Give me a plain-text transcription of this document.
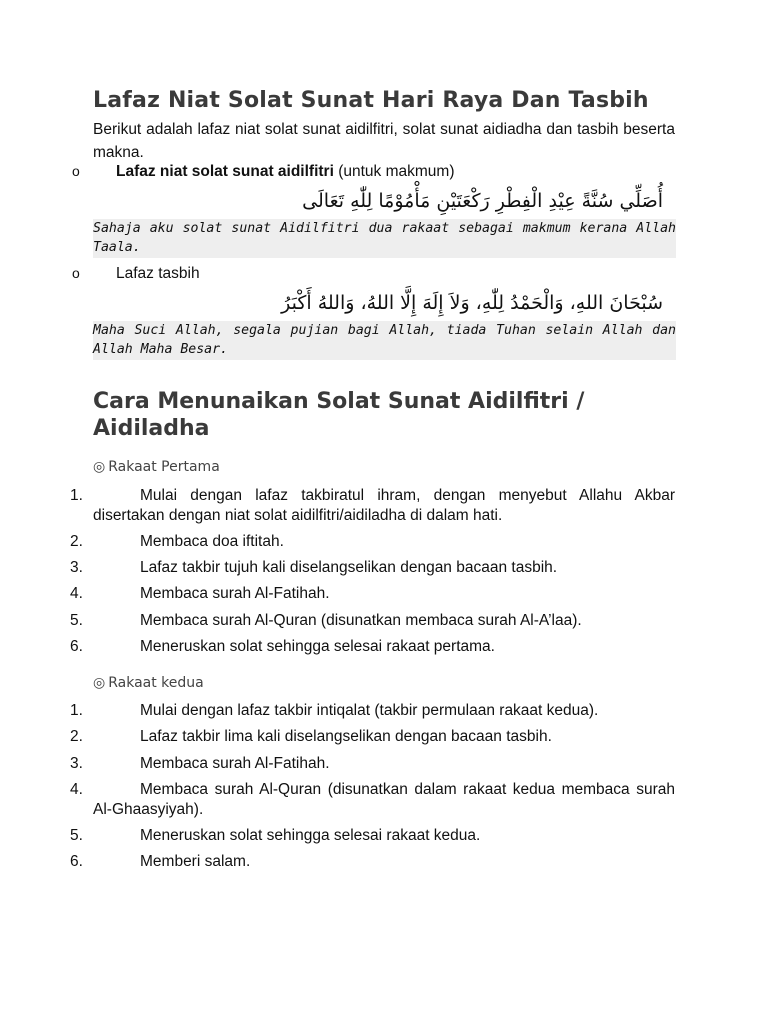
Lafaz Niat Solat Sunat Hari Raya Dan Tasbih

Berikut adalah lafaz niat solat sunat aidilfitri, solat sunat aidiadha dan tasbih beserta makna.

o Lafaz niat solat sunat aidilfitri (untuk makmum)
أُصَلِّي سُنَّةً عِيْدِ الْفِطْرِ رَكْعَتَيْنِ مَأْمُوْمًا لِلّٰهِ تَعَالَى

Sahaja aku solat sunat Aidilfitri dua rakaat sebagai makmum kerana Allah Taala.

o Lafaz tasbih
سُبْحَانَ اللهِ، وَالْحَمْدُ لِلّٰهِ، وَلاَ إِلَهَ إِلَّا اللهُ، وَاللهُ أَكْبَرُ

Maha Suci Allah, segala pujian bagi Allah, tiada Tuhan selain Allah dan Allah Maha Besar.

Cara Menunaikan Solat Sunat Aidilfitri / Aidiladha
◎ Rakaat Pertama
1.	Mulai dengan lafaz takbiratul ihram, dengan menyebut Allahu Akbar disertakan dengan niat solat aidilfitri/aidiladha di dalam hati.
2.	Membaca doa iftitah.
3.	Lafaz takbir tujuh kali diselangselikan dengan bacaan tasbih.
4.	Membaca surah Al-Fatihah.
5.	Membaca surah Al-Quran (disunatkan membaca surah Al-A’laa).
6.	Meneruskan solat sehingga selesai rakaat pertama.
◎ Rakaat kedua
1.	Mulai dengan lafaz takbir intiqalat (takbir permulaan rakaat kedua).
2.	Lafaz takbir lima kali diselangselikan dengan bacaan tasbih.
3.	Membaca surah Al-Fatihah.
4.	Membaca surah Al-Quran (disunatkan dalam rakaat kedua membaca surah Al-Ghaasyiyah).
5.	Meneruskan solat sehingga selesai rakaat kedua.
6.	Memberi salam.
